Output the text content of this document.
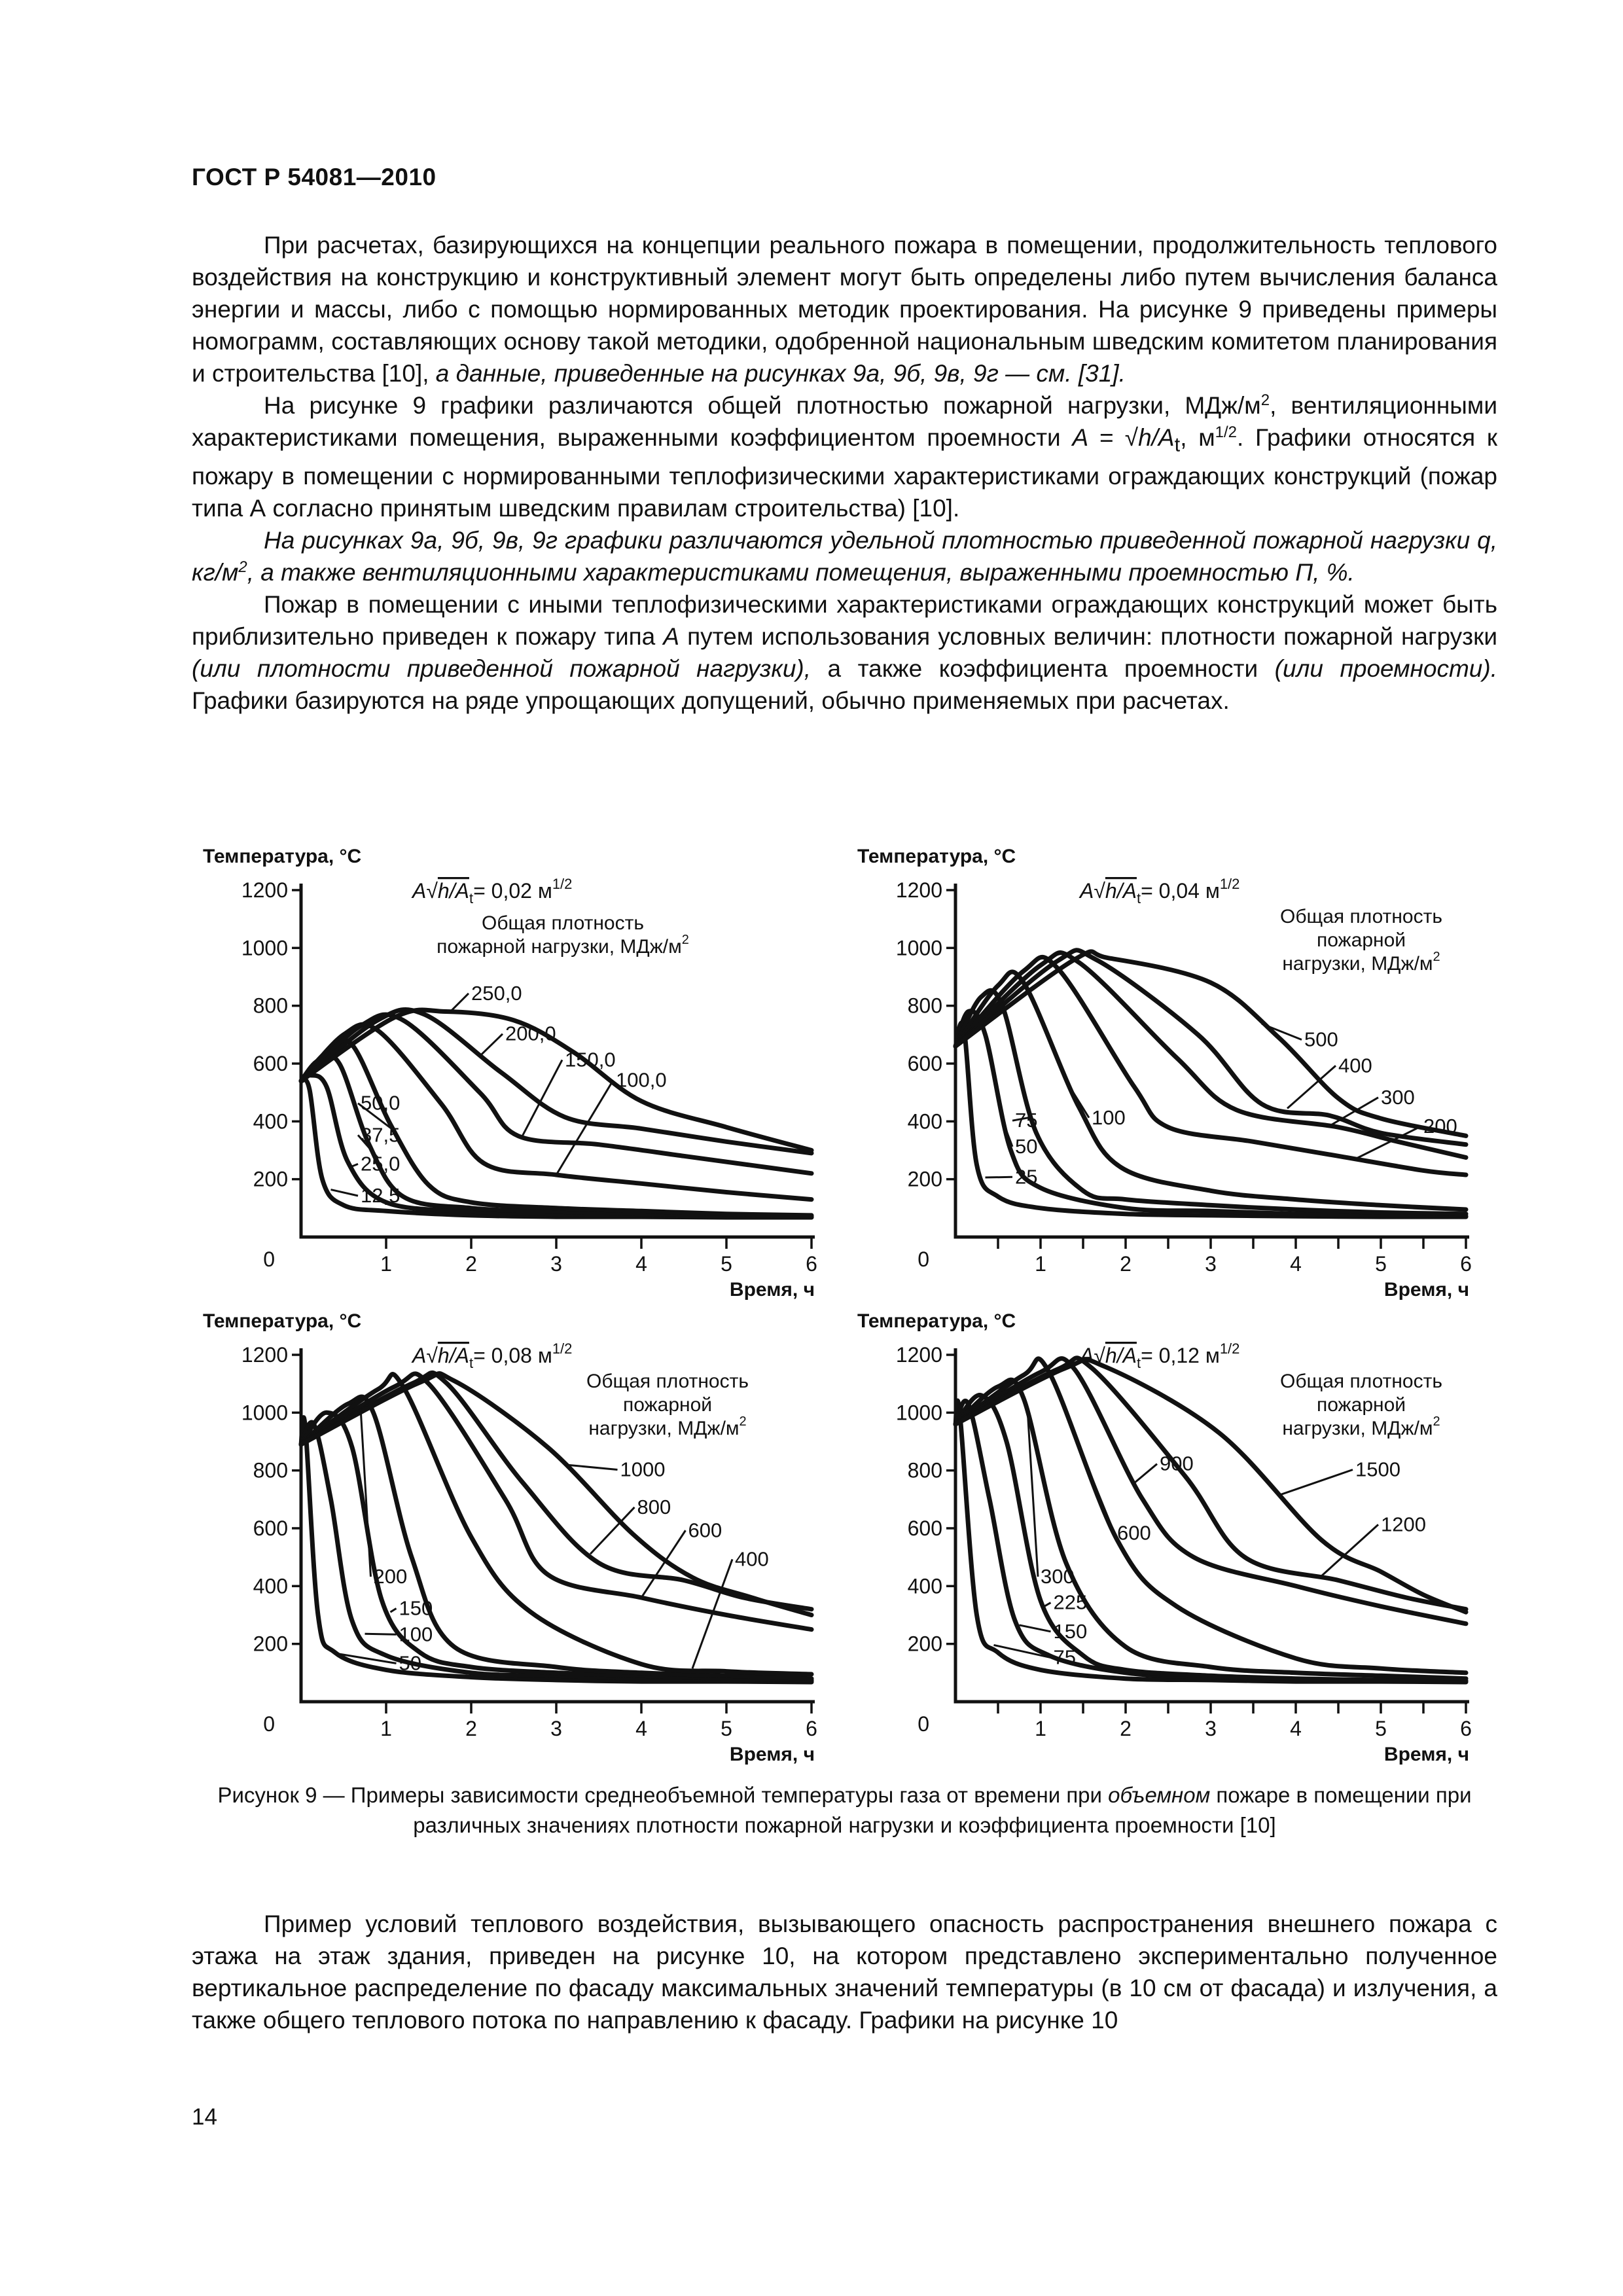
ГОСТ Р 54081—2010

При расчетах, базирующихся на концепции реального пожара в помещении, продолжительность теплового воздействия на конструкцию и конструктивный элемент могут быть определены либо путем вычисления баланса энергии и массы, либо с помощью нормированных методик проектирования. На рисунке 9 приведены примеры номограмм, составляющих основу такой методики, одобренной национальным шведским комитетом планирования и строительства [10], а данные, приведенные на рисунках 9а, 9б, 9в, 9г — см. [31].

На рисунке 9 графики различаются общей плотностью пожарной нагрузки, МДж/$м^2$, вентиляционными характеристиками помещения, выраженными коэффициентом проемности $A = √h/A_t$, $м^{1/2}$. Графики относятся к пожару в помещении с нормированными теплофизическими характеристиками ограждающих конструкций (пожар типа А согласно принятым шведским правилам строительства) [10].

На рисунках 9а, 9б, 9в, 9г графики различаются удельной плотностью приведенной пожарной нагрузки q, $кг/м^2$, а также вентиляционными характеристиками помещения, выраженными проемностью П, %.

Пожар в помещении с иными теплофизическими характеристиками ограждающих конструкций может быть приблизительно приведен к пожару типа А путем использования условных величин: плотности пожарной нагрузки (или плотности приведенной пожарной нагрузки), а также коэффициента проемности (или проемности). Графики базируются на ряде упрощающих допущений, обычно применяемых при расчетах.

Температура, °С
200
400
600
800
1000
1200
0	1	2	3	4	5	6
Время, ч
$A√h/A_t= 0,02$ $м^{1/2}$
Общая плотность
пожарной нагрузки, МДж/$м^2$
12,5
25,0
37,5
50,0
100,0
150,0
200,0
250,0
Температура, °С
200
400
600
800
1000
1200
0	1	2	3	4	5	6
Время, ч
$A√h/A_t= 0,04$ $м^{1/2}$
Общая плотность
пожарной
нагрузки, МДж/$м^2$
25
50
75	100	200
300
400
500
Температура, °С
200
400
600
800
1000
1200
0	1	2	3	4	5	6
Время, ч
$A√h/A_t= 0,08$ $м^{1/2}$
Общая плотность
пожарной
нагрузки, МДж/$м^2$
50
100
150
200
400
600
800
1000
Температура, °С
200
400
600
800
1000
1200
0	1	2	3	4	5	6
Время, ч
$A√h/A_t= 0,12$ $м^{1/2}$
Общая плотность
пожарной
нагрузки, МДж/$м^2$
75
150
225
300
600
900
1200
1500
Рисунок 9 — Примеры зависимости среднеобъемной температуры газа от времени при объемном пожаре в помещении при различных значениях плотности пожарной нагрузки и коэффициента проемности [10]

Пример условий теплового воздействия, вызывающего опасность распространения внешнего пожара с этажа на этаж здания, приведен на рисунке 10, на котором представлено экспериментально полученное вертикальное распределение по фасаду максимальных значений температуры (в 10 см от фасада) и излучения, а также общего теплового потока по направлению к фасаду. Графики на рисунке 10

14
